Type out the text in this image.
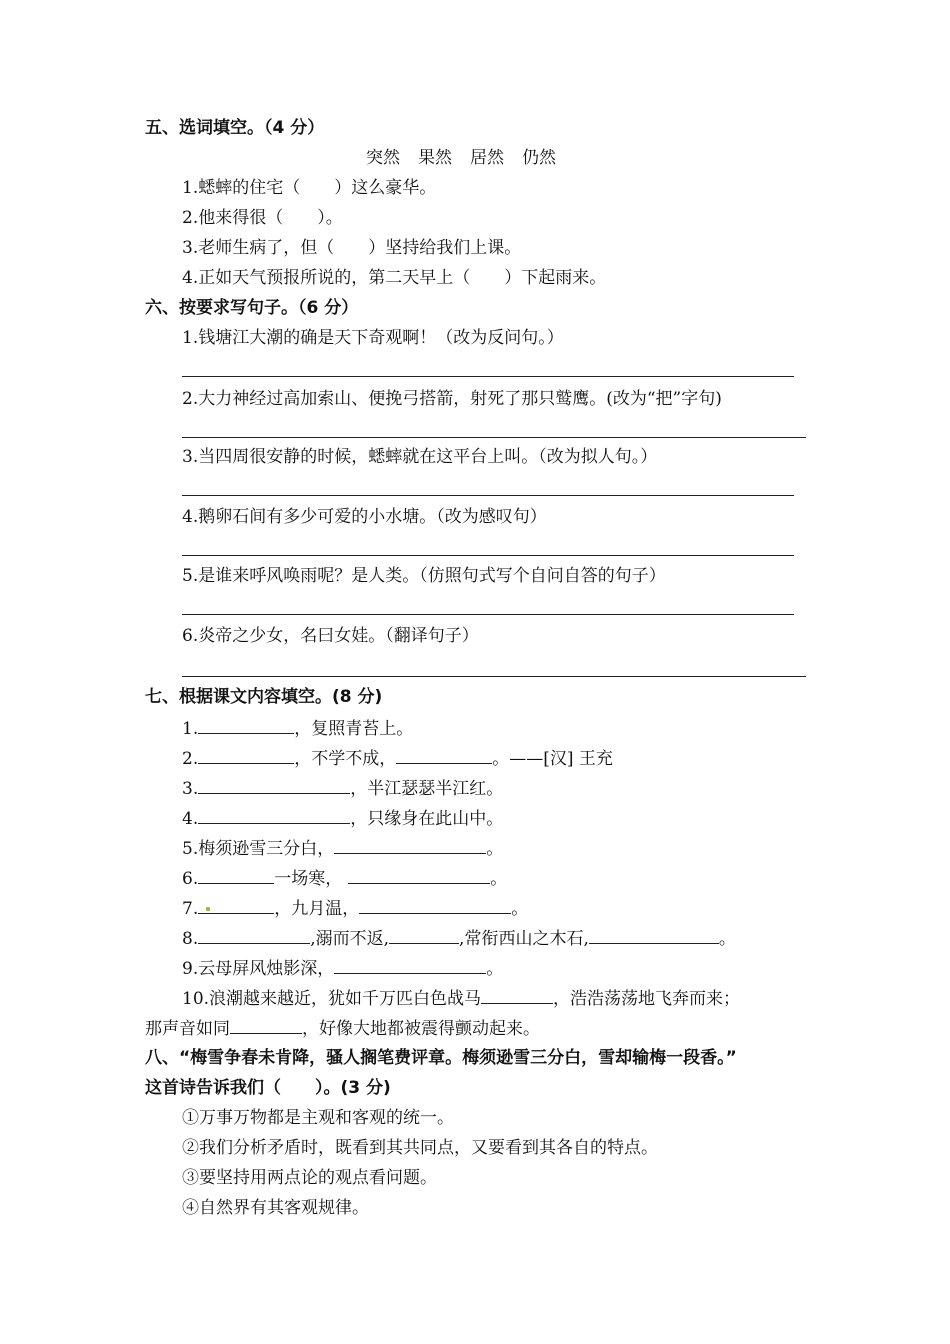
五、选词填空。（4 分）
突然 果然 居然 仍然
1.蟋蟀的住宅（　　）这么豪华。
2.他来得很（　　）。
3.老师生病了，但（　　）坚持给我们上课。
4.正如天气预报所说的，第二天早上（　　）下起雨来。
六、按要求写句子。（6 分）
1.钱塘江大潮的确是天下奇观啊！（改为反问句。）
2.大力神经过高加索山、便挽弓搭箭，射死了那只鹫鹰。(改为“把”字句)
3.当四周很安静的时候，蟋蟀就在这平台上叫。（改为拟人句。）
4.鹅卵石间有多少可爱的小水塘。（改为感叹句）
5.是谁来呼风唤雨呢？是人类。（仿照句式写个自问自答的句子）
6.炎帝之少女，名曰女娃。（翻译句子）
七、根据课文内容填空。(8 分)
1.	，复照青苔上。
2.	，不学不成，	。——[汉] 王充
3.	，半江瑟瑟半江红。
4.	，只缘身在此山中。
5.梅须逊雪三分白，	。
6.	一场寒，	。
7.	，九月温，	。
8.	,溺而不返,	,常衔西山之木石,	。
9.云母屏风烛影深，	。
10.浪潮越来越近，犹如千万匹白色战马	，浩浩荡荡地飞奔而来；
那声音如同	，好像大地都被震得颤动起来。
八、“梅雪争春未肯降，骚人搁笔费评章。梅须逊雪三分白，雪却输梅一段香。”
这首诗告诉我们（　　）。(3 分)
①万事万物都是主观和客观的统一。
②我们分析矛盾时，既看到其共同点，又要看到其各自的特点。
③要坚持用两点论的观点看问题。
④自然界有其客观规律。
